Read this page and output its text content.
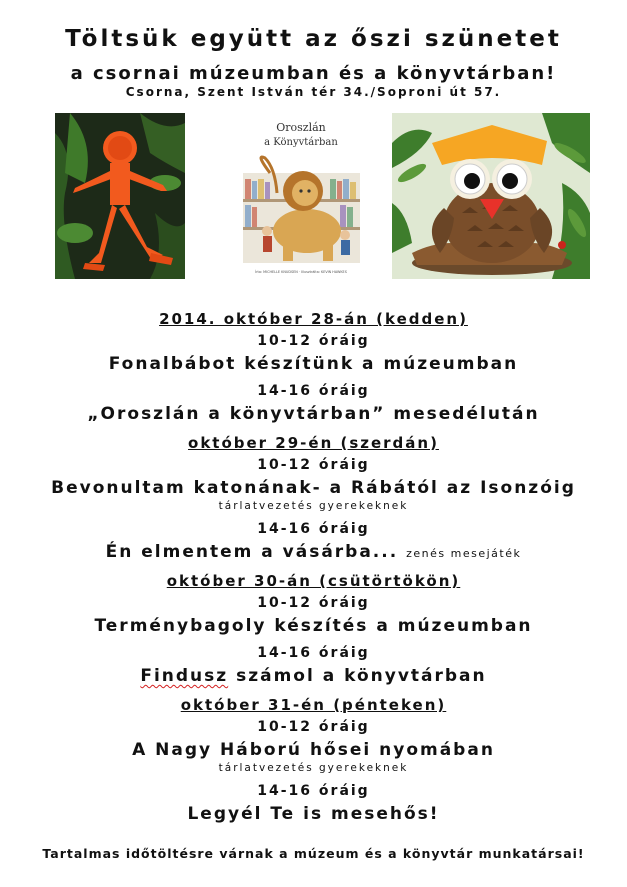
Töltsük együtt az őszi szünetet
a csornai múzeumban és a könyvtárban!
Csorna, Szent István tér 34./Soproni út 57.
Oroszlán
a Könyvtárban
Írta: MICHELLE KNUDSEN · Illusztrálta: KEVIN HAWKES
2014. október 28-án (kedden)
10-12 óráig
Fonalbábot készítünk a múzeumban
14-16 óráig
„Oroszlán a könyvtárban” mesedélután
október 29-én (szerdán)
10-12 óráig
Bevonultam katonának- a Rábától az Isonzóig
tárlatvezetés gyerekeknek
14-16 óráig
Én elmentem a vásárba... zenés mesejáték
október 30-án (csütörtökön)
10-12 óráig
Terménybagoly készítés a múzeumban
14-16 óráig
Findusz számol a könyvtárban
október 31-én (pénteken)
10-12 óráig
A Nagy Háború hősei nyomában
tárlatvezetés gyerekeknek
14-16 óráig
Legyél Te is mesehős!
Tartalmas időtöltésre várnak a múzeum és a könyvtár munkatársai!
